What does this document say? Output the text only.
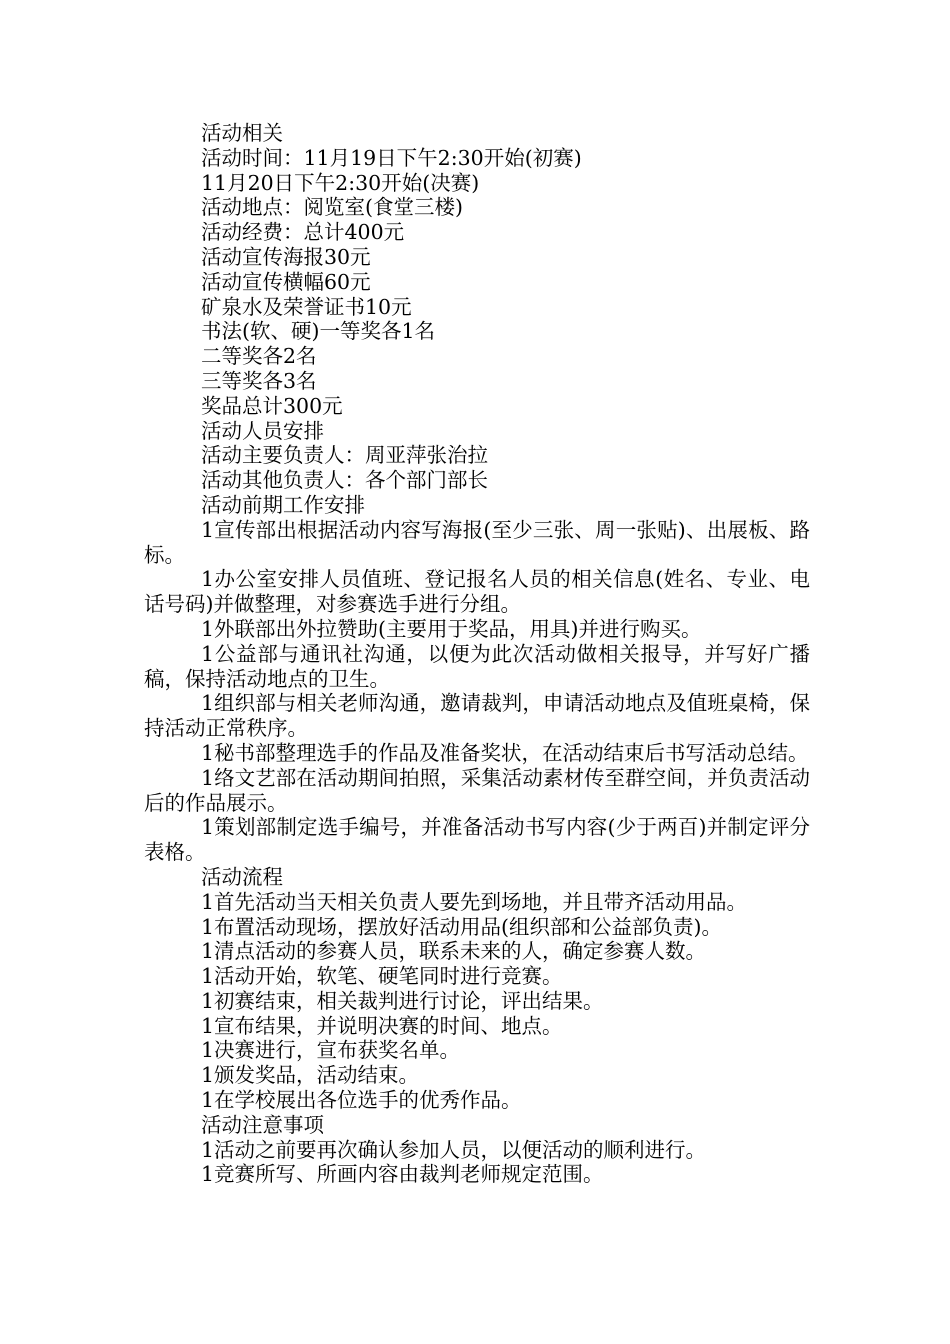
活动相关

活动时间：11月19日下午2:30开始(初赛)

11月20日下午2:30开始(决赛)

活动地点：阅览室(食堂三楼)

活动经费：总计400元

活动宣传海报30元

活动宣传横幅60元

矿泉水及荣誉证书10元

书法(软、硬)一等奖各1名

二等奖各2名

三等奖各3名

奖品总计300元

活动人员安排

活动主要负责人：周亚萍张治拉

活动其他负责人：各个部门部长

活动前期工作安排

1宣传部出根据活动内容写海报(至少三张、周一张贴)、出展板、路标。

1办公室安排人员值班、登记报名人员的相关信息(姓名、专业、电话号码)并做整理，对参赛选手进行分组。

1外联部出外拉赞助(主要用于奖品，用具)并进行购买。

1公益部与通讯社沟通，以便为此次活动做相关报导，并写好广播稿，保持活动地点的卫生。

1组织部与相关老师沟通，邀请裁判，申请活动地点及值班桌椅，保持活动正常秩序。

1秘书部整理选手的作品及准备奖状，在活动结束后书写活动总结。

1络文艺部在活动期间拍照，采集活动素材传至群空间，并负责活动后的作品展示。

1策划部制定选手编号，并准备活动书写内容(少于两百)并制定评分表格。

活动流程

1首先活动当天相关负责人要先到场地，并且带齐活动用品。

1布置活动现场，摆放好活动用品(组织部和公益部负责)。

1清点活动的参赛人员，联系未来的人，确定参赛人数。

1活动开始，软笔、硬笔同时进行竞赛。

1初赛结束，相关裁判进行讨论，评出结果。

1宣布结果，并说明决赛的时间、地点。

1决赛进行，宣布获奖名单。

1颁发奖品，活动结束。

1在学校展出各位选手的优秀作品。

活动注意事项

1活动之前要再次确认参加人员，以便活动的顺利进行。

1竞赛所写、所画内容由裁判老师规定范围。
